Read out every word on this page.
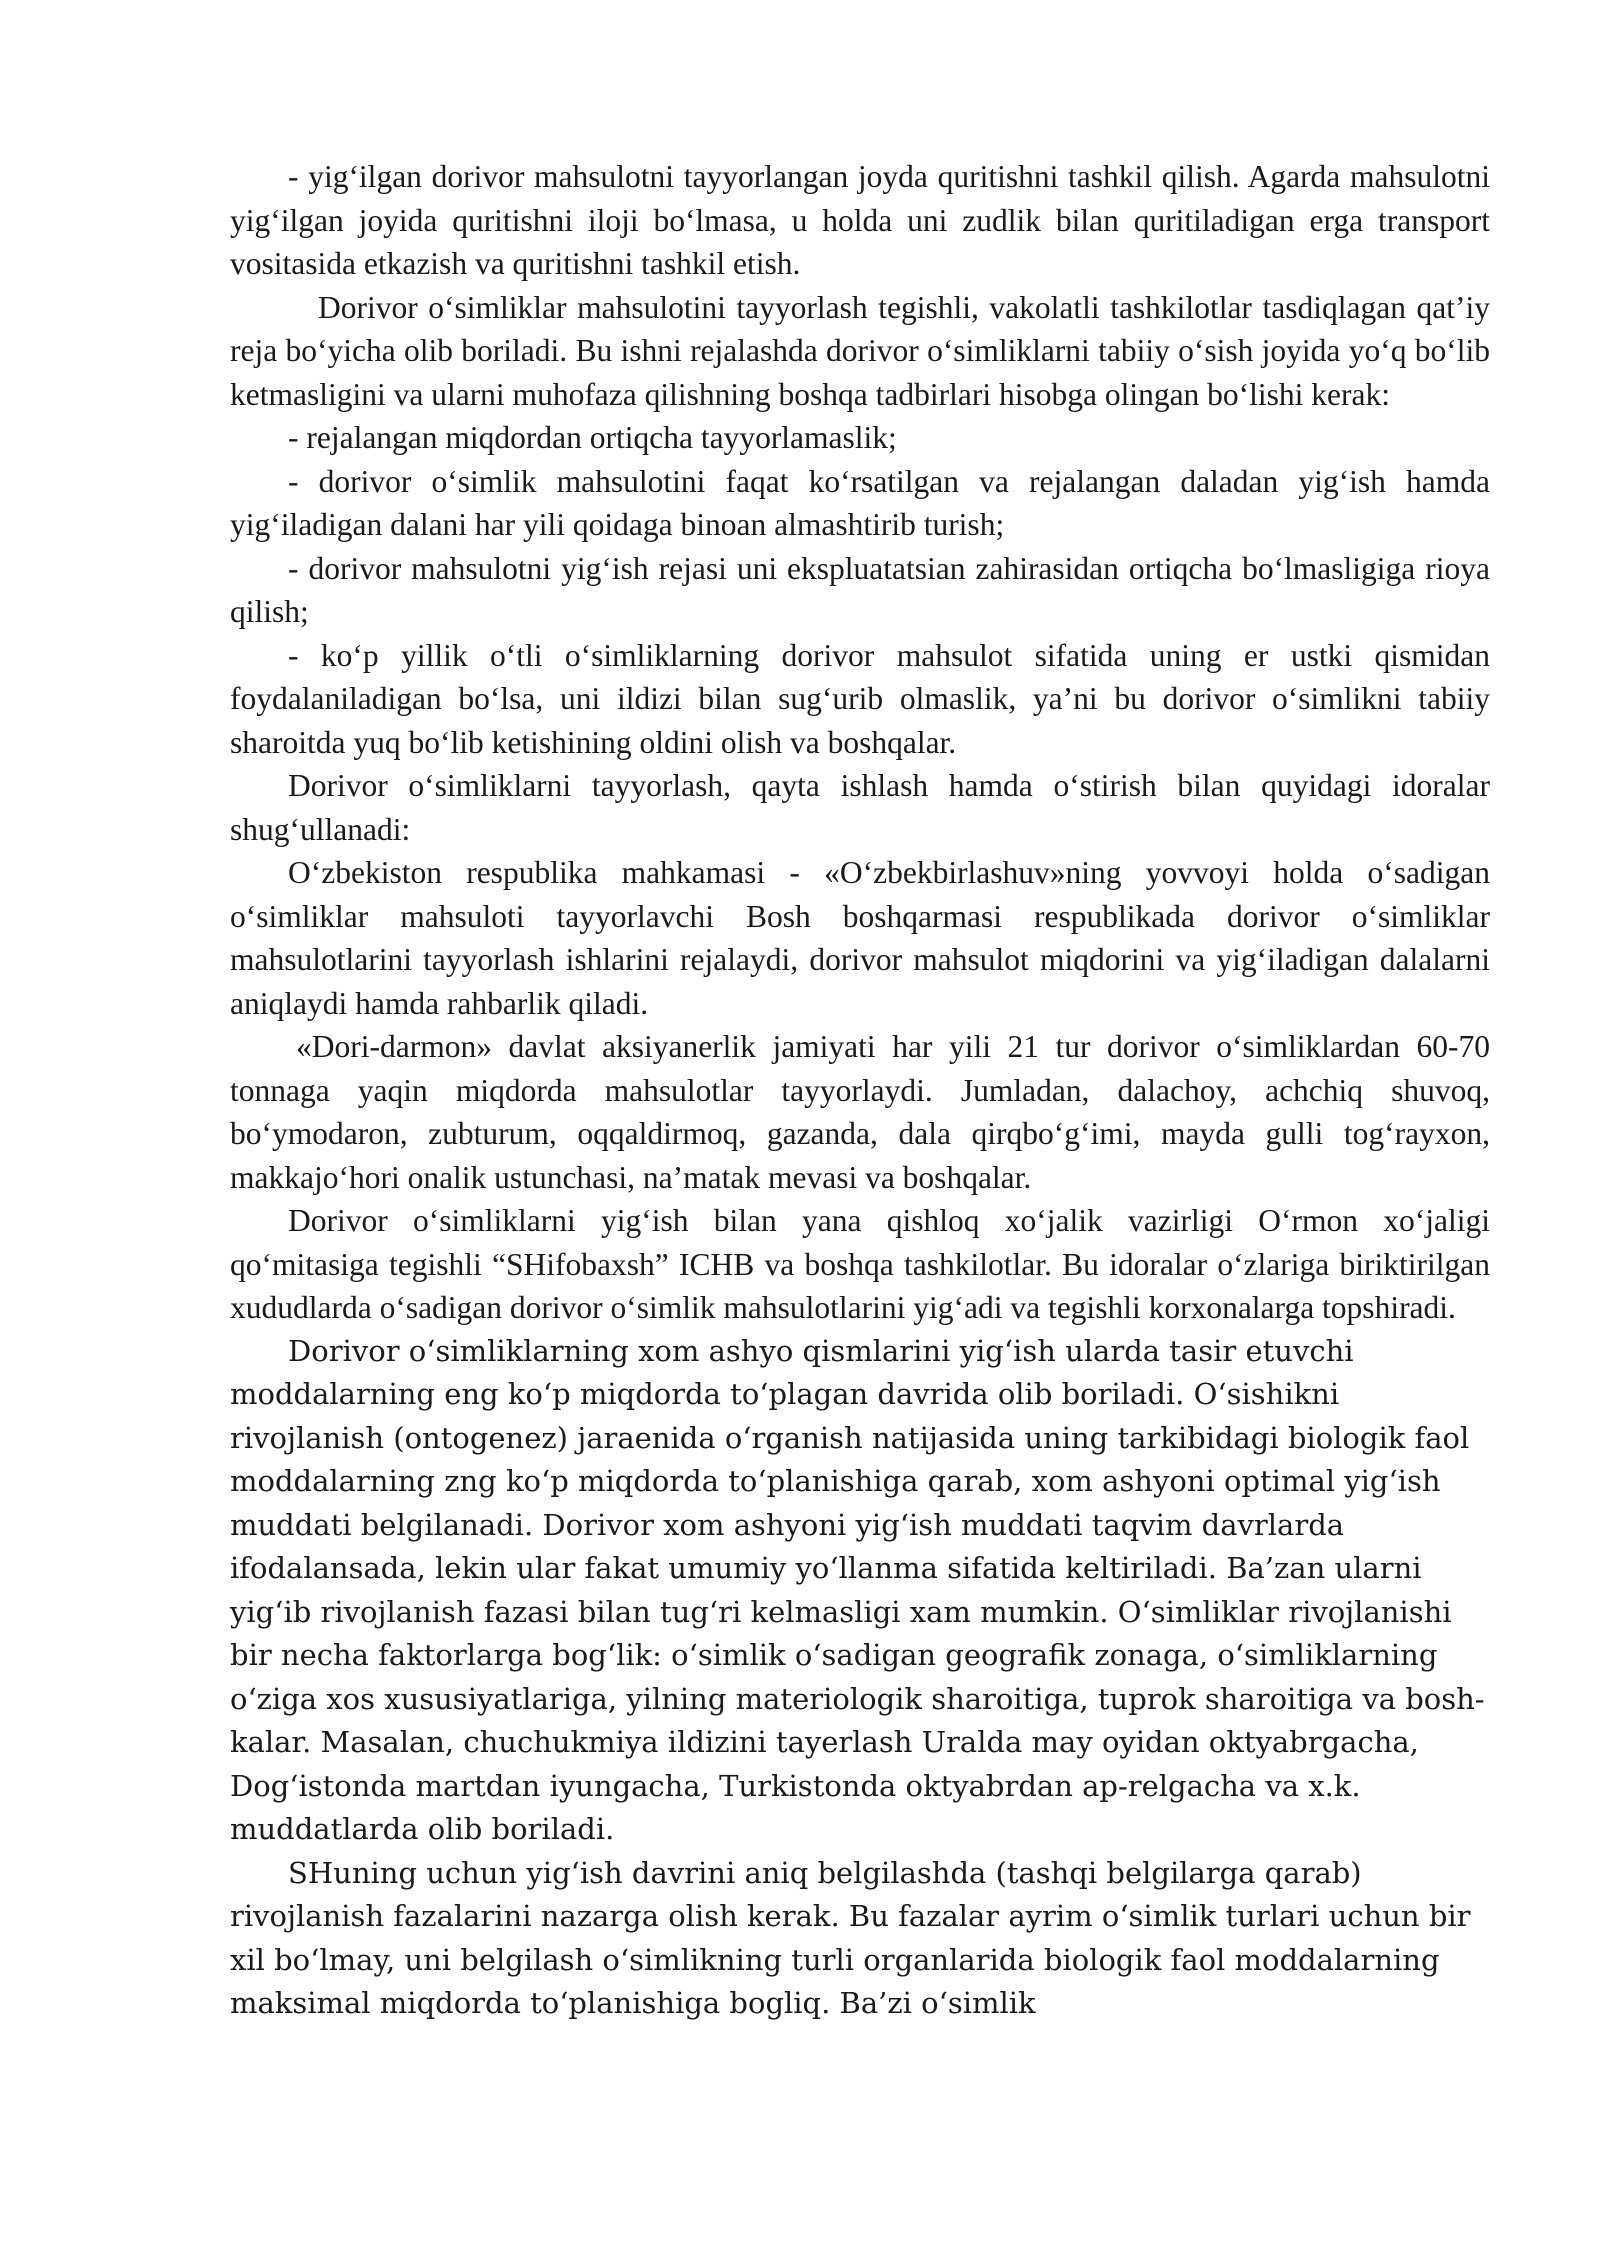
- yig‘ilgan dorivor mahsulotni tayyorlangan joyda quritishni tashkil qilish. Agarda mahsulotni yig‘ilgan joyida quritishni iloji bo‘lmasa, u holda uni zudlik bilan quritiladigan erga transport vositasida etkazish va quritishni tashkil etish.

Dorivor o‘simliklar mahsulotini tayyorlash tegishli, vakolatli tashkilotlar tasdiqlagan qat’iy reja bo‘yicha olib boriladi. Bu ishni rejalashda dorivor o‘simliklarni tabiiy o‘sish joyida yo‘q bo‘lib ketmasligini va ularni muhofaza qilishning boshqa tadbirlari hisobga olingan bo‘lishi kerak:

- rejalangan miqdordan ortiqcha tayyorlamaslik;

- dorivor o‘simlik mahsulotini faqat ko‘rsatilgan va rejalangan daladan yig‘ish hamda yig‘iladigan dalani har yili qoidaga binoan almashtirib turish;

- dorivor mahsulotni yig‘ish rejasi uni ekspluatatsian zahirasidan ortiqcha bo‘lmasligiga rioya qilish;

- ko‘p yillik o‘tli o‘simliklarning dorivor mahsulot sifatida uning er ustki qismidan foydalaniladigan bo‘lsa, uni ildizi bilan sug‘urib olmaslik, ya’ni bu dorivor o‘simlikni tabiiy sharoitda yuq bo‘lib ketishining oldini olish va boshqalar.

Dorivor o‘simliklarni tayyorlash, qayta ishlash hamda o‘stirish bilan quyidagi idoralar shug‘ullanadi:

O‘zbekiston respublika mahkamasi - «O‘zbekbirlashuv»ning yovvoyi holda o‘sadigan o‘simliklar mahsuloti tayyorlavchi Bosh boshqarmasi respublikada dorivor o‘simliklar mahsulotlarini tayyorlash ishlarini rejalaydi, dorivor mahsulot miqdorini va yig‘iladigan dalalarni aniqlaydi hamda rahbarlik qiladi.

«Dori-darmon» davlat aksiyanerlik jamiyati har yili 21 tur dorivor o‘simliklardan 60-70 tonnaga yaqin miqdorda mahsulotlar tayyorlaydi. Jumladan, dalachoy, achchiq shuvoq, bo‘ymodaron, zubturum, oqqaldirmoq, gazanda, dala qirqbo‘g‘imi, mayda gulli tog‘rayxon, makkajo‘hori onalik ustunchasi, na’matak mevasi va boshqalar.

Dorivor o‘simliklarni yig‘ish bilan yana qishloq xo‘jalik vazirligi O‘rmon xo‘jaligi qo‘mitasiga tegishli “SHifobaxsh” ICHB va boshqa tashkilotlar. Bu idoralar o‘zlariga biriktirilgan xududlarda o‘sadigan dorivor o‘simlik mahsulotlarini yig‘adi va tegishli korxonalarga topshiradi.

Dorivor o‘simliklarning xom ashyo qismlarini yig‘ish ularda tasir etuvchi moddalarning eng ko‘p miqdorda to‘plagan davrida olib boriladi. O‘sishikni rivojlanish (ontogenez) jaraenida o‘rganish natijasida uning tarkibidagi biologik faol moddalarning zng ko‘p miqdorda to‘planishiga qarab, xom ashyoni optimal yig‘ish muddati belgilanadi. Dorivor xom ashyoni yig‘ish muddati taqvim davrlarda ifodalansada, lekin ular fakat umumiy yo‘llanma sifatida keltiriladi. Ba’zan ularni yig‘ib rivojlanish fazasi bilan tug‘ri kelmasligi xam mumkin. O‘simliklar rivojlanishi bir necha faktorlarga bog‘lik: o‘simlik o‘sadigan geografik zonaga, o‘simliklarning o‘ziga xos xususiyatlariga, yilning materiologik sharoitiga, tuprok sharoitiga va bosh-kalar. Masalan, chuchukmiya ildizini tayerlash Uralda may oyidan oktyabrgacha, Dog‘istonda martdan iyungacha, Turkistonda oktyabrdan ap-relgacha va x.k. muddatlarda olib boriladi.

SHuning uchun yig‘ish davrini aniq belgilashda (tashqi belgilarga qarab) rivojlanish fazalarini nazarga olish kerak. Bu fazalar ayrim o‘simlik turlari uchun bir xil bo‘lmay, uni belgilash o‘simlikning turli organlarida biologik faol moddalarning maksimal miqdorda to‘planishiga bogliq. Ba’zi o‘simlik
